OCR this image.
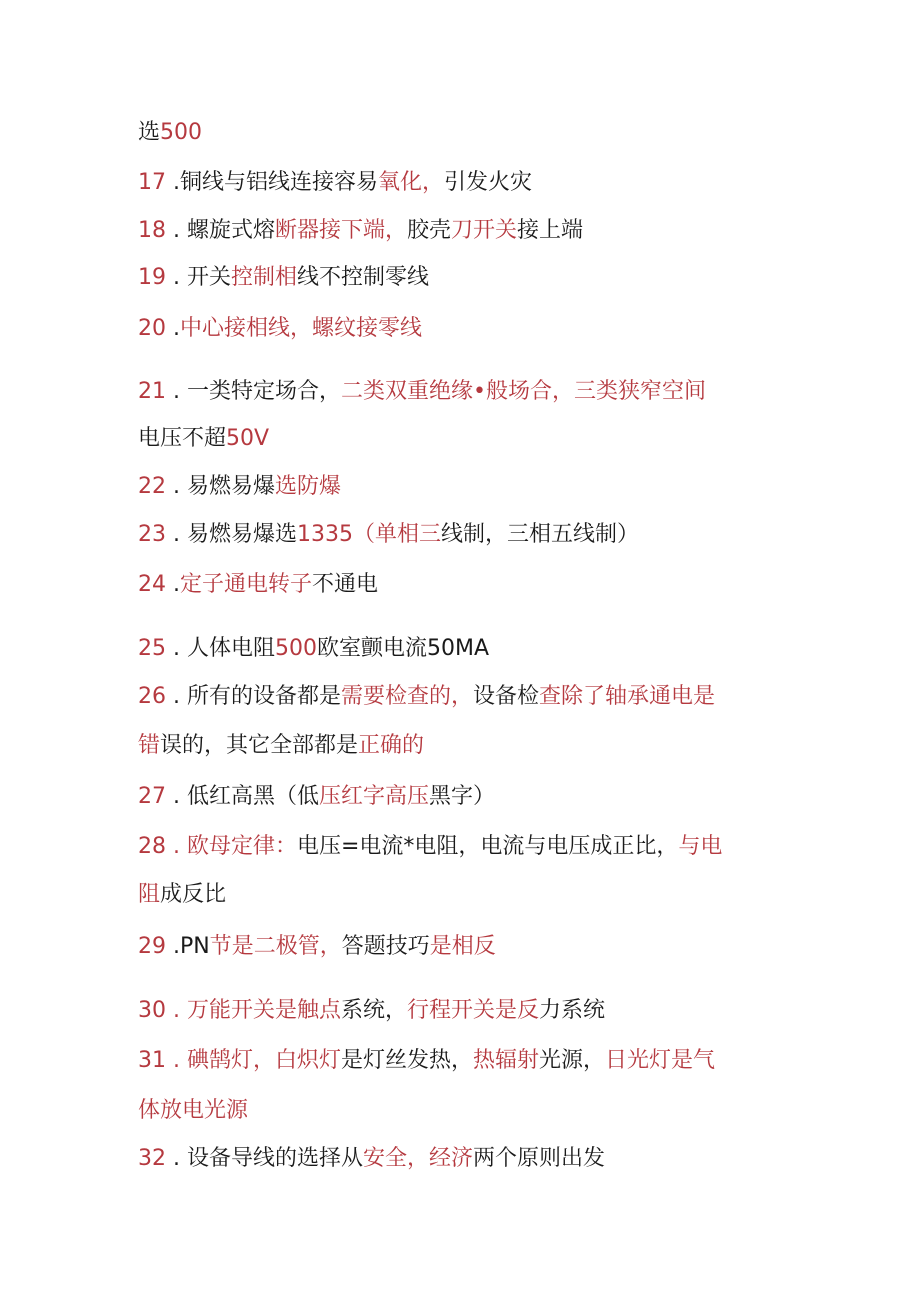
选500
17 .铜线与铝线连接容易氧化，引发火灾
18 . 螺旋式熔断器接下端，胶壳刀开关接上端
19 . 开关控制相线不控制零线
20 .中心接相线，螺纹接零线
21 . 一类特定场合，二类双重绝缘•般场合，三类狭窄空间
电压不超50V
22 . 易燃易爆选防爆
23 . 易燃易爆选1335（单相三线制，三相五线制）
24 .定子通电转子不通电
25 . 人体电阻500欧室颤电流50MA
26 . 所有的设备都是需要检查的，设备检查除了轴承通电是
错误的，其它全部都是正确的
27 . 低红高黑（低压红字高压黑字）
28 . 欧母定律：电压=电流*电阻，电流与电压成正比，与电
阻成反比
29 .PN节是二极管，答题技巧是相反
30 . 万能开关是触点系统，行程开关是反力系统
31 . 碘鹄灯，白炽灯是灯丝发热，热辐射光源，日光灯是气
体放电光源
32 . 设备导线的选择从安全，经济两个原则出发
